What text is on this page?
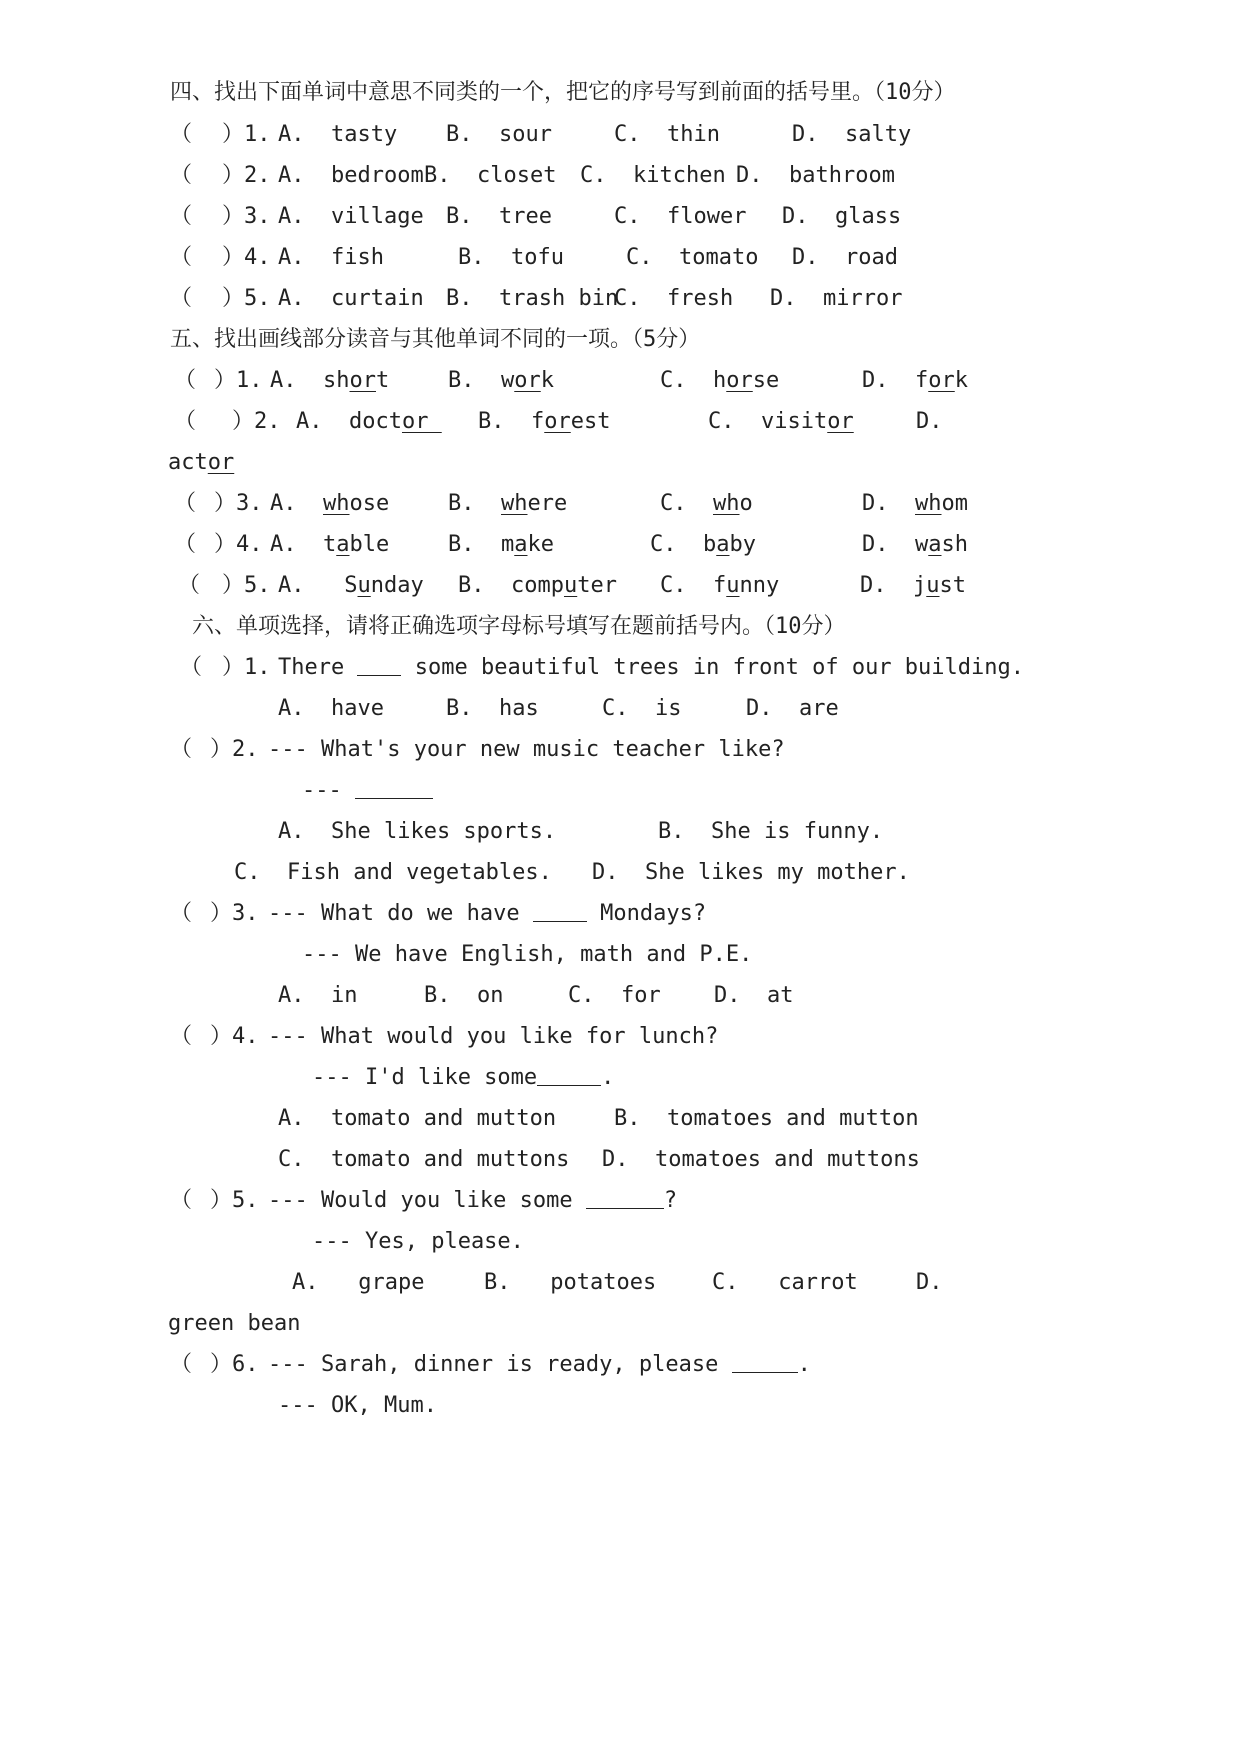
四、找出下面单词中意思不同类的一个，把它的序号写到前面的括号里。（10分）
（ ）1. A.  tasty B.  sour	C.  thin	D.  salty
（ ）2. A.  bedroom B.  closet C.  kitchen D.  bathroom
（ ）3. A.  village B.  tree	C.  flower D.  glass
（ ）4. A.  fish	B.  tofu	C.  tomato D.  road
（ ）5. A.  curtain B.  trash bin
C.  fresh D.  mirror
五、找出画线部分读音与其他单词不同的一项。（5分）
（ ）1. A. short	B. work	C. horse	D. fork
（ ）2. A. doctor B. forest	C. visitor	D.
actor
（ ）3. A. whose	B. where	C. who	D. whom
（ ）4. A. table	B. make	C. baby	D. wash
（ ）5. A. Sunday B. computer C. funny	D. just
六、单项选择，请将正确选项字母标号填写在题前括号内。（10分）
（ ）1. There	some beautiful trees in front of our building.
A.  have	B.  has	C.  is	D.  are
（ ）2. --- What's your new music teacher like?
---
A.  She likes sports.	B.  She is funny.
C.  Fish and vegetables. D.  She likes my mother.
（ ）3. --- What do we have	Mondays?
--- We have English, math and P.E.
A.  in	B.  on	C.  for D.  at
（ ）4. --- What would you like for lunch?
--- I'd like some	.
A.  tomato and mutton	B.  tomatoes and mutton
C.  tomato and muttons D.  tomatoes and muttons
（ ）5. --- Would you like some	?
--- Yes, please.
A.   grape	B.   potatoes	C.   carrot	D.
green bean
（ ）6. --- Sarah, dinner is ready, please	.
--- OK, Mum.
